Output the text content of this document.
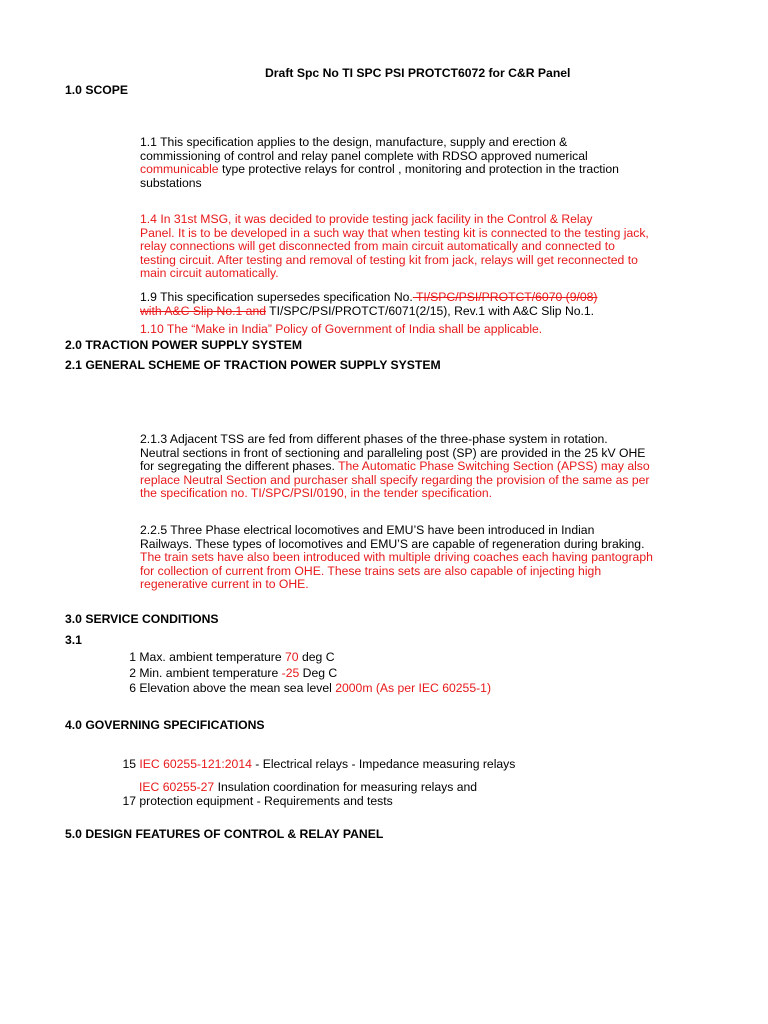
Draft Spc No TI SPC PSI PROTCT6072 for C&R Panel
1.0 SCOPE
1.1 This specification applies to the design, manufacture, supply and erection &
commissioning of control and relay panel complete with RDSO approved numerical
communicable type protective relays for control , monitoring and protection in the traction
substations
1.4 In 31st MSG, it was decided to provide testing jack facility in the Control & Relay
Panel. It is to be developed in a such way that when testing kit is connected to the testing jack,
relay connections will get disconnected from main circuit automatically and connected to
testing circuit. After testing and removal of testing kit from jack, relays will get reconnected to
main circuit automatically.
1.9 This specification supersedes specification No. TI/SPC/PSI/PROTCT/6070 (9/08)
with A&C Slip No.1 and TI/SPC/PSI/PROTCT/6071(2/15), Rev.1 with A&C Slip No.1.
1.10 The “Make in India” Policy of Government of India shall be applicable.
2.0 TRACTION POWER SUPPLY SYSTEM
2.1 GENERAL SCHEME OF TRACTION POWER SUPPLY SYSTEM
2.1.3 Adjacent TSS are fed from different phases of the three-phase system in rotation.
Neutral sections in front of sectioning and paralleling post (SP) are provided in the 25 kV OHE
for segregating the different phases. The Automatic Phase Switching Section (APSS) may also
replace Neutral Section and purchaser shall specify regarding the provision of the same as per
the specification no. TI/SPC/PSI/0190, in the tender specification.
2.2.5 Three Phase electrical locomotives and EMU’S have been introduced in Indian
Railways. These types of locomotives and EMU’S are capable of regeneration during braking.
The train sets have also been introduced with multiple driving coaches each having pantograph
for collection of current from OHE. These trains sets are also capable of injecting high
regenerative current in to OHE.
3.0 SERVICE CONDITIONS
3.1
1 Max. ambient temperature 70 deg C
2 Min. ambient temperature -25 Deg C
6 Elevation above the mean sea level 2000m (As per IEC 60255-1)
4.0 GOVERNING SPECIFICATIONS
15 IEC 60255-121:2014 - Electrical relays - Impedance measuring relays
IEC 60255-27 Insulation coordination for measuring relays and
17 protection equipment - Requirements and tests
5.0 DESIGN FEATURES OF CONTROL & RELAY PANEL
